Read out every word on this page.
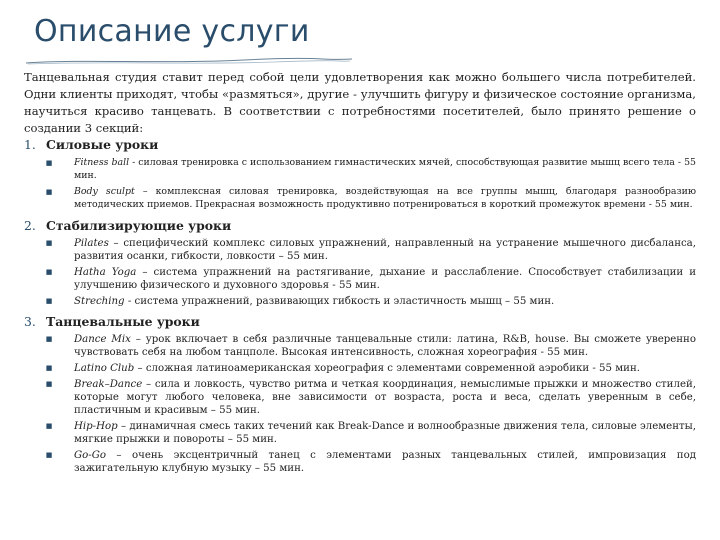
Описание услуги
Танцевальная студия ставит перед собой цели удовлетворения как можно большего числа потребителей. Одни клиенты приходят, чтобы «размяться», другие - улучшить фигуру и физическое состояние организма, научиться красиво танцевать. В соответствии с потребностями посетителей, было принято решение о создании 3 секций:
1. Силовые уроки
■	Fitness ball - силовая тренировка с использованием гимнастических мячей, способствующая развитие мышц всего тела - 55 мин.
■	Body sculpt – комплексная силовая тренировка, воздействующая на все группы мышц, благодаря разнообразию методических приемов. Прекрасная возможность продуктивно потренироваться в короткий промежуток времени - 55 мин.
2. Стабилизирующие уроки
■	Pilates – специфический комплекс силовых упражнений, направленный на устранение мышечного дисбаланса, развития осанки, гибкости, ловкости – 55 мин.
■	Hatha Yoga – система упражнений на растягивание, дыхание и расслабление. Способствует стабилизации и улучшению физического и духовного здоровья - 55 мин.
■	Streching - система упражнений, развивающих гибкость и эластичность мышц – 55 мин.
3. Танцевальные уроки
■	Dance Mix – урок включает в себя различные танцевальные стили: латина, R&B, house. Вы сможете уверенно чувствовать себя на любом танцполе. Высокая интенсивность, сложная хореография - 55 мин.
■	Latino Club – сложная латиноамериканская хореография с элементами современной аэробики - 55 мин.
■	Break–Dance – сила и ловкость, чувство ритма и четкая координация, немыслимые прыжки и множество стилей, которые могут любого человека, вне зависимости от возраста, роста и веса, сделать уверенным в себе, пластичным и красивым – 55 мин.
■	Hip-Hop – динамичная смесь таких течений как Break-Dance и волнообразные движения тела, силовые элементы, мягкие прыжки и повороты – 55 мин.
■	Go-Go – очень эксцентричный танец с элементами разных танцевальных стилей, импровизация под зажигательную клубную музыку – 55 мин.
